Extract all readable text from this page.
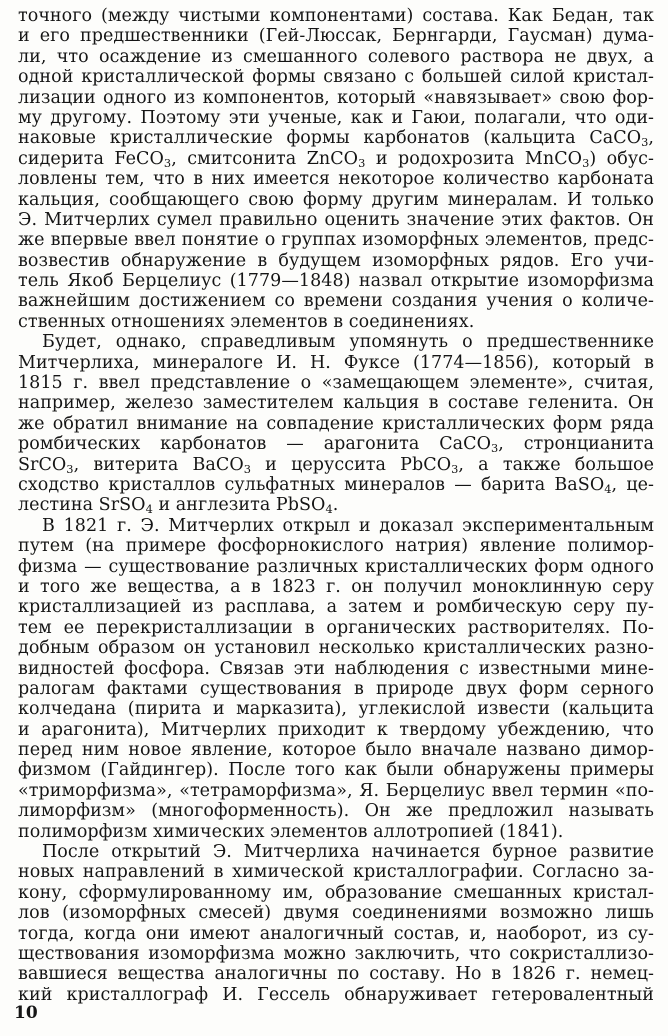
точного (между чистыми компонентами) состава. Как Бедан, так
и его предшественники (Гей-Люссак, Бернгарди, Гаусман) дума-
ли, что осаждение из смешанного солевого раствора не двух, а
одной кристаллической формы связано с большей силой кристал-
лизации одного из компонентов, который «навязывает» свою фор-
му другому. Поэтому эти ученые, как и Гаюи, полагали, что оди-
наковые кристаллические формы карбонатов (кальцита CaCO$_3$,
сидерита FeCO$_3$, смитсонита ZnCO$_3$ и родохрозита MnCO$_3$) обус-
ловлены тем, что в них имеется некоторое количество карбоната
кальция, сообщающего свою форму другим минералам. И только
Э. Митчерлих сумел правильно оценить значение этих фактов. Он
же впервые ввел понятие о группах изоморфных элементов, предс-
возвестив обнаружение в будущем изоморфных рядов. Его учи-
тель Якоб Берцелиус (1779—1848) назвал открытие изоморфизма
важнейшим достижением со времени создания учения о количе-
ственных отношениях элементов в соединениях.
Будет, однако, справедливым упомянуть о предшественнике
Митчерлиха, минералоге И. Н. Фуксе (1774—1856), который в
1815 г. ввел представление о «замещающем элементе», считая,
например, железо заместителем кальция в составе геленита. Он
же обратил внимание на совпадение кристаллических форм ряда
ромбических карбонатов — арагонита CaCO$_3$, стронцианита
SrCO$_3$, витерита BaCO$_3$ и церуссита PbCO$_3$, а также большое
сходство кристаллов сульфатных минералов — барита BaSO$_4$, це-
лестина SrSO$_4$ и англезита PbSO$_4$.
В 1821 г. Э. Митчерлих открыл и доказал экспериментальным
путем (на примере фосфорнокислого натрия) явление полимор-
физма — существование различных кристаллических форм одного
и того же вещества, а в 1823 г. он получил моноклинную серу
кристаллизацией из расплава, а затем и ромбическую серу пу-
тем ее перекристаллизации в органических растворителях. По-
добным образом он установил несколько кристаллических разно-
видностей фосфора. Связав эти наблюдения с известными мине-
ралогам фактами существования в природе двух форм серного
колчедана (пирита и марказита), углекислой извести (кальцита
и арагонита), Митчерлих приходит к твердому убеждению, что
перед ним новое явление, которое было вначале названо димор-
физмом (Гайдингер). После того как были обнаружены примеры
«триморфизма», «тетраморфизма», Я. Берцелиус ввел термин «по-
лиморфизм» (многоформенность). Он же предложил называть
полиморфизм химических элементов аллотропией (1841).
После открытий Э. Митчерлиха начинается бурное развитие
новых направлений в химической кристаллографии. Согласно за-
кону, сформулированному им, образование смешанных кристал-
лов (изоморфных смесей) двумя соединениями возможно лишь
тогда, когда они имеют аналогичный состав, и, наоборот, из су-
ществования изоморфизма можно заключить, что сокристаллизо-
вавшиеся вещества аналогичны по составу. Но в 1826 г. немец-
кий кристаллограф И. Гессель обнаруживает гетеровалентный
10
